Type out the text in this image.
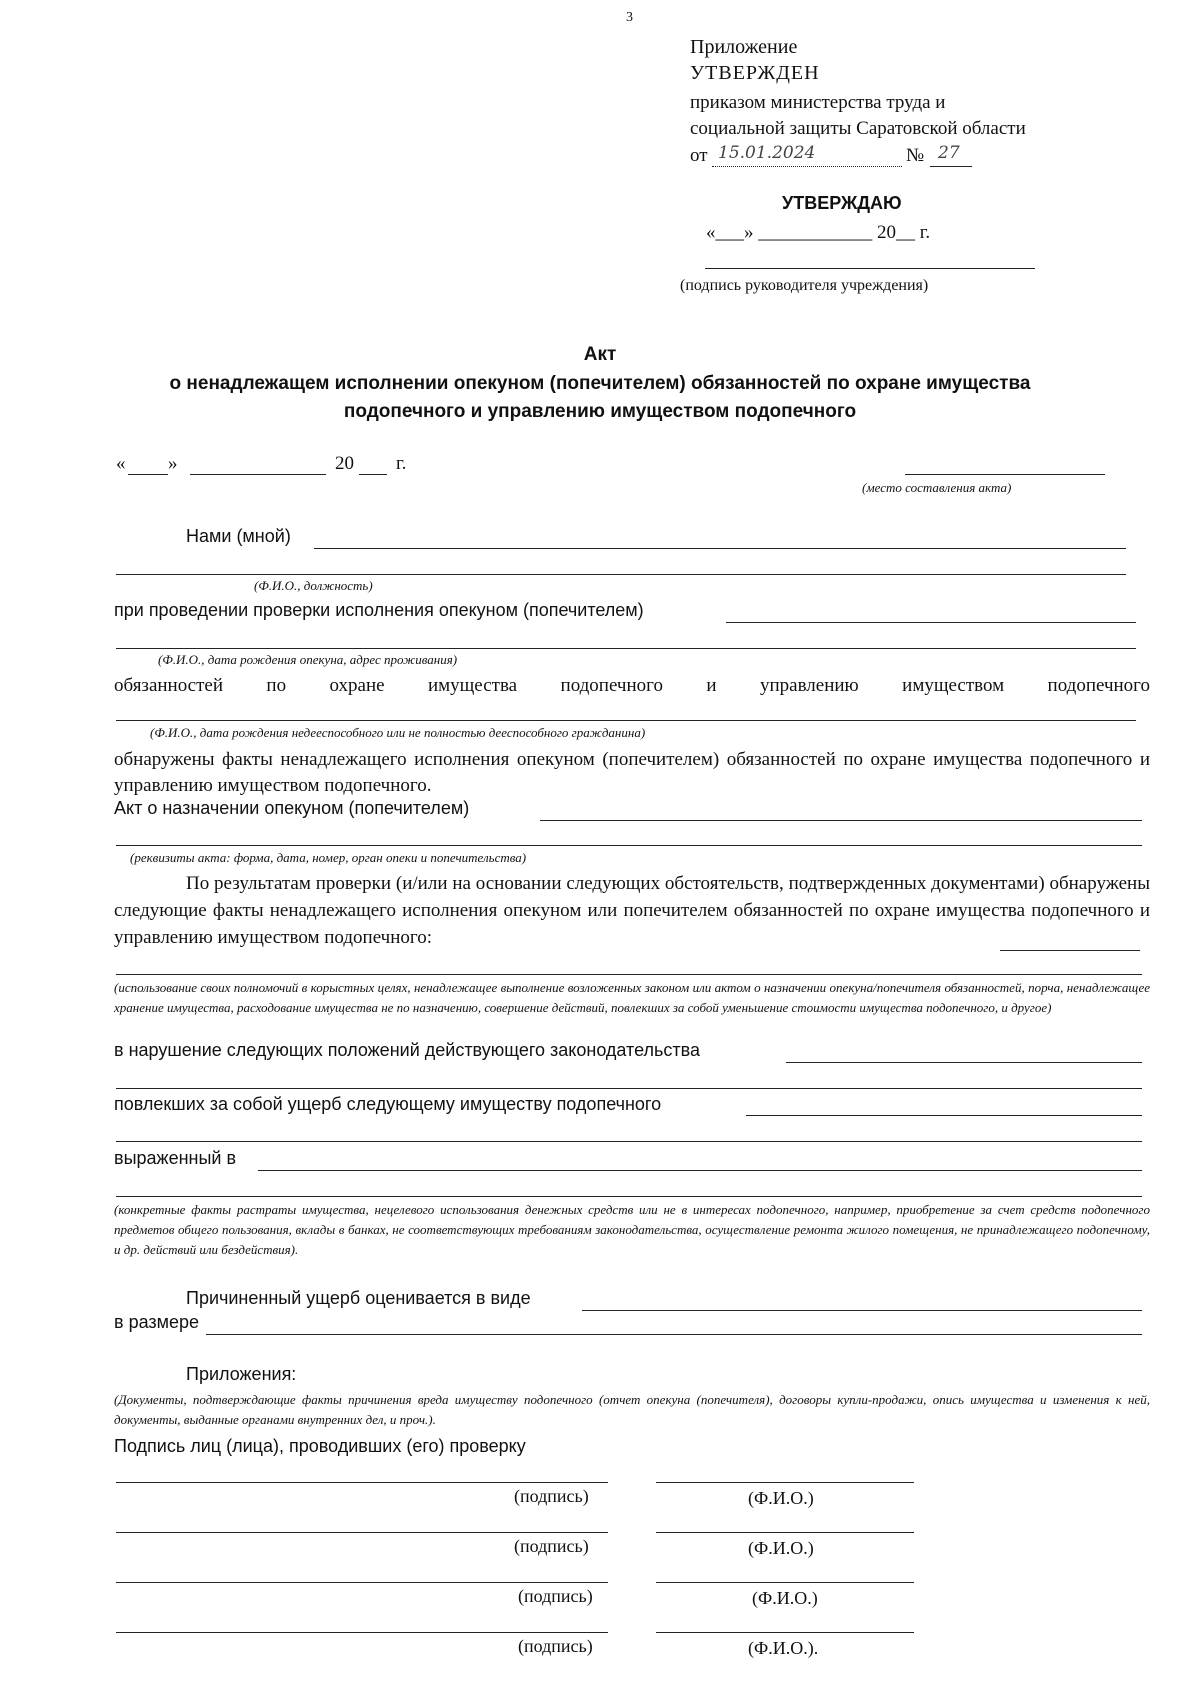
3
Приложение
УТВЕРЖДЕН
приказом министерства труда и
социальной защиты Саратовской области
от 15.01.2024	№ 27
УТВЕРЖДАЮ
«___» ____________ 20__ г.
(подпись руководителя учреждения)
Акт
о ненадлежащем исполнении опекуном (попечителем) обязанностей по охране имущества
подопечного и управлению имуществом подопечного
« »	20 г.
(место составления акта)
Нами (мной)
(Ф.И.О., должность)
при проведении проверки исполнения опекуном (попечителем)
(Ф.И.О., дата рождения опекуна, адрес проживания)
обязанностей по охране имущества подопечного и управлению имуществом подопечного
(Ф.И.О., дата рождения недееспособного или не полностью дееспособного гражданина)
обнаружены факты ненадлежащего исполнения опекуном (попечителем) обязанностей по охране имущества подопечного и управлению имуществом подопечного.
Акт о назначении опекуном (попечителем)
(реквизиты акта: форма, дата, номер, орган опеки и попечительства)
По результатам проверки (и/или на основании следующих обстоятельств, подтвержденных документами) обнаружены следующие факты ненадлежащего исполнения опекуном или попечителем обязанностей по охране имущества подопечного и управлению имуществом подопечного:
(использование своих полномочий в корыстных целях, ненадлежащее выполнение возложенных законом или актом о назначении опекуна/попечителя обязанностей, порча, ненадлежащее хранение имущества, расходование имущества не по назначению, совершение действий, повлекших за собой уменьшение стоимости имущества подопечного, и другое)
в нарушение следующих положений действующего законодательства
повлекших за собой ущерб следующему имуществу подопечного
выраженный в
(конкретные факты растраты имущества, нецелевого использования денежных средств или не в интересах подопечного, например, приобретение за счет средств подопечного предметов общего пользования, вклады в банках, не соответствующих требованиям законодательства, осуществление ремонта жилого помещения, не принадлежащего подопечному, и др. действий или бездействия).
Причиненный ущерб оценивается в виде
в размере
Приложения:
(Документы, подтверждающие факты причинения вреда имуществу подопечного (отчет опекуна (попечителя), договоры купли-продажи, опись имущества и изменения к ней, документы, выданные органами внутренних дел, и проч.).
Подпись лиц (лица), проводивших (его) проверку
(подпись)	(Ф.И.О.)
(подпись)	(Ф.И.О.)
(подпись)	(Ф.И.О.)
(подпись)	(Ф.И.О.).
